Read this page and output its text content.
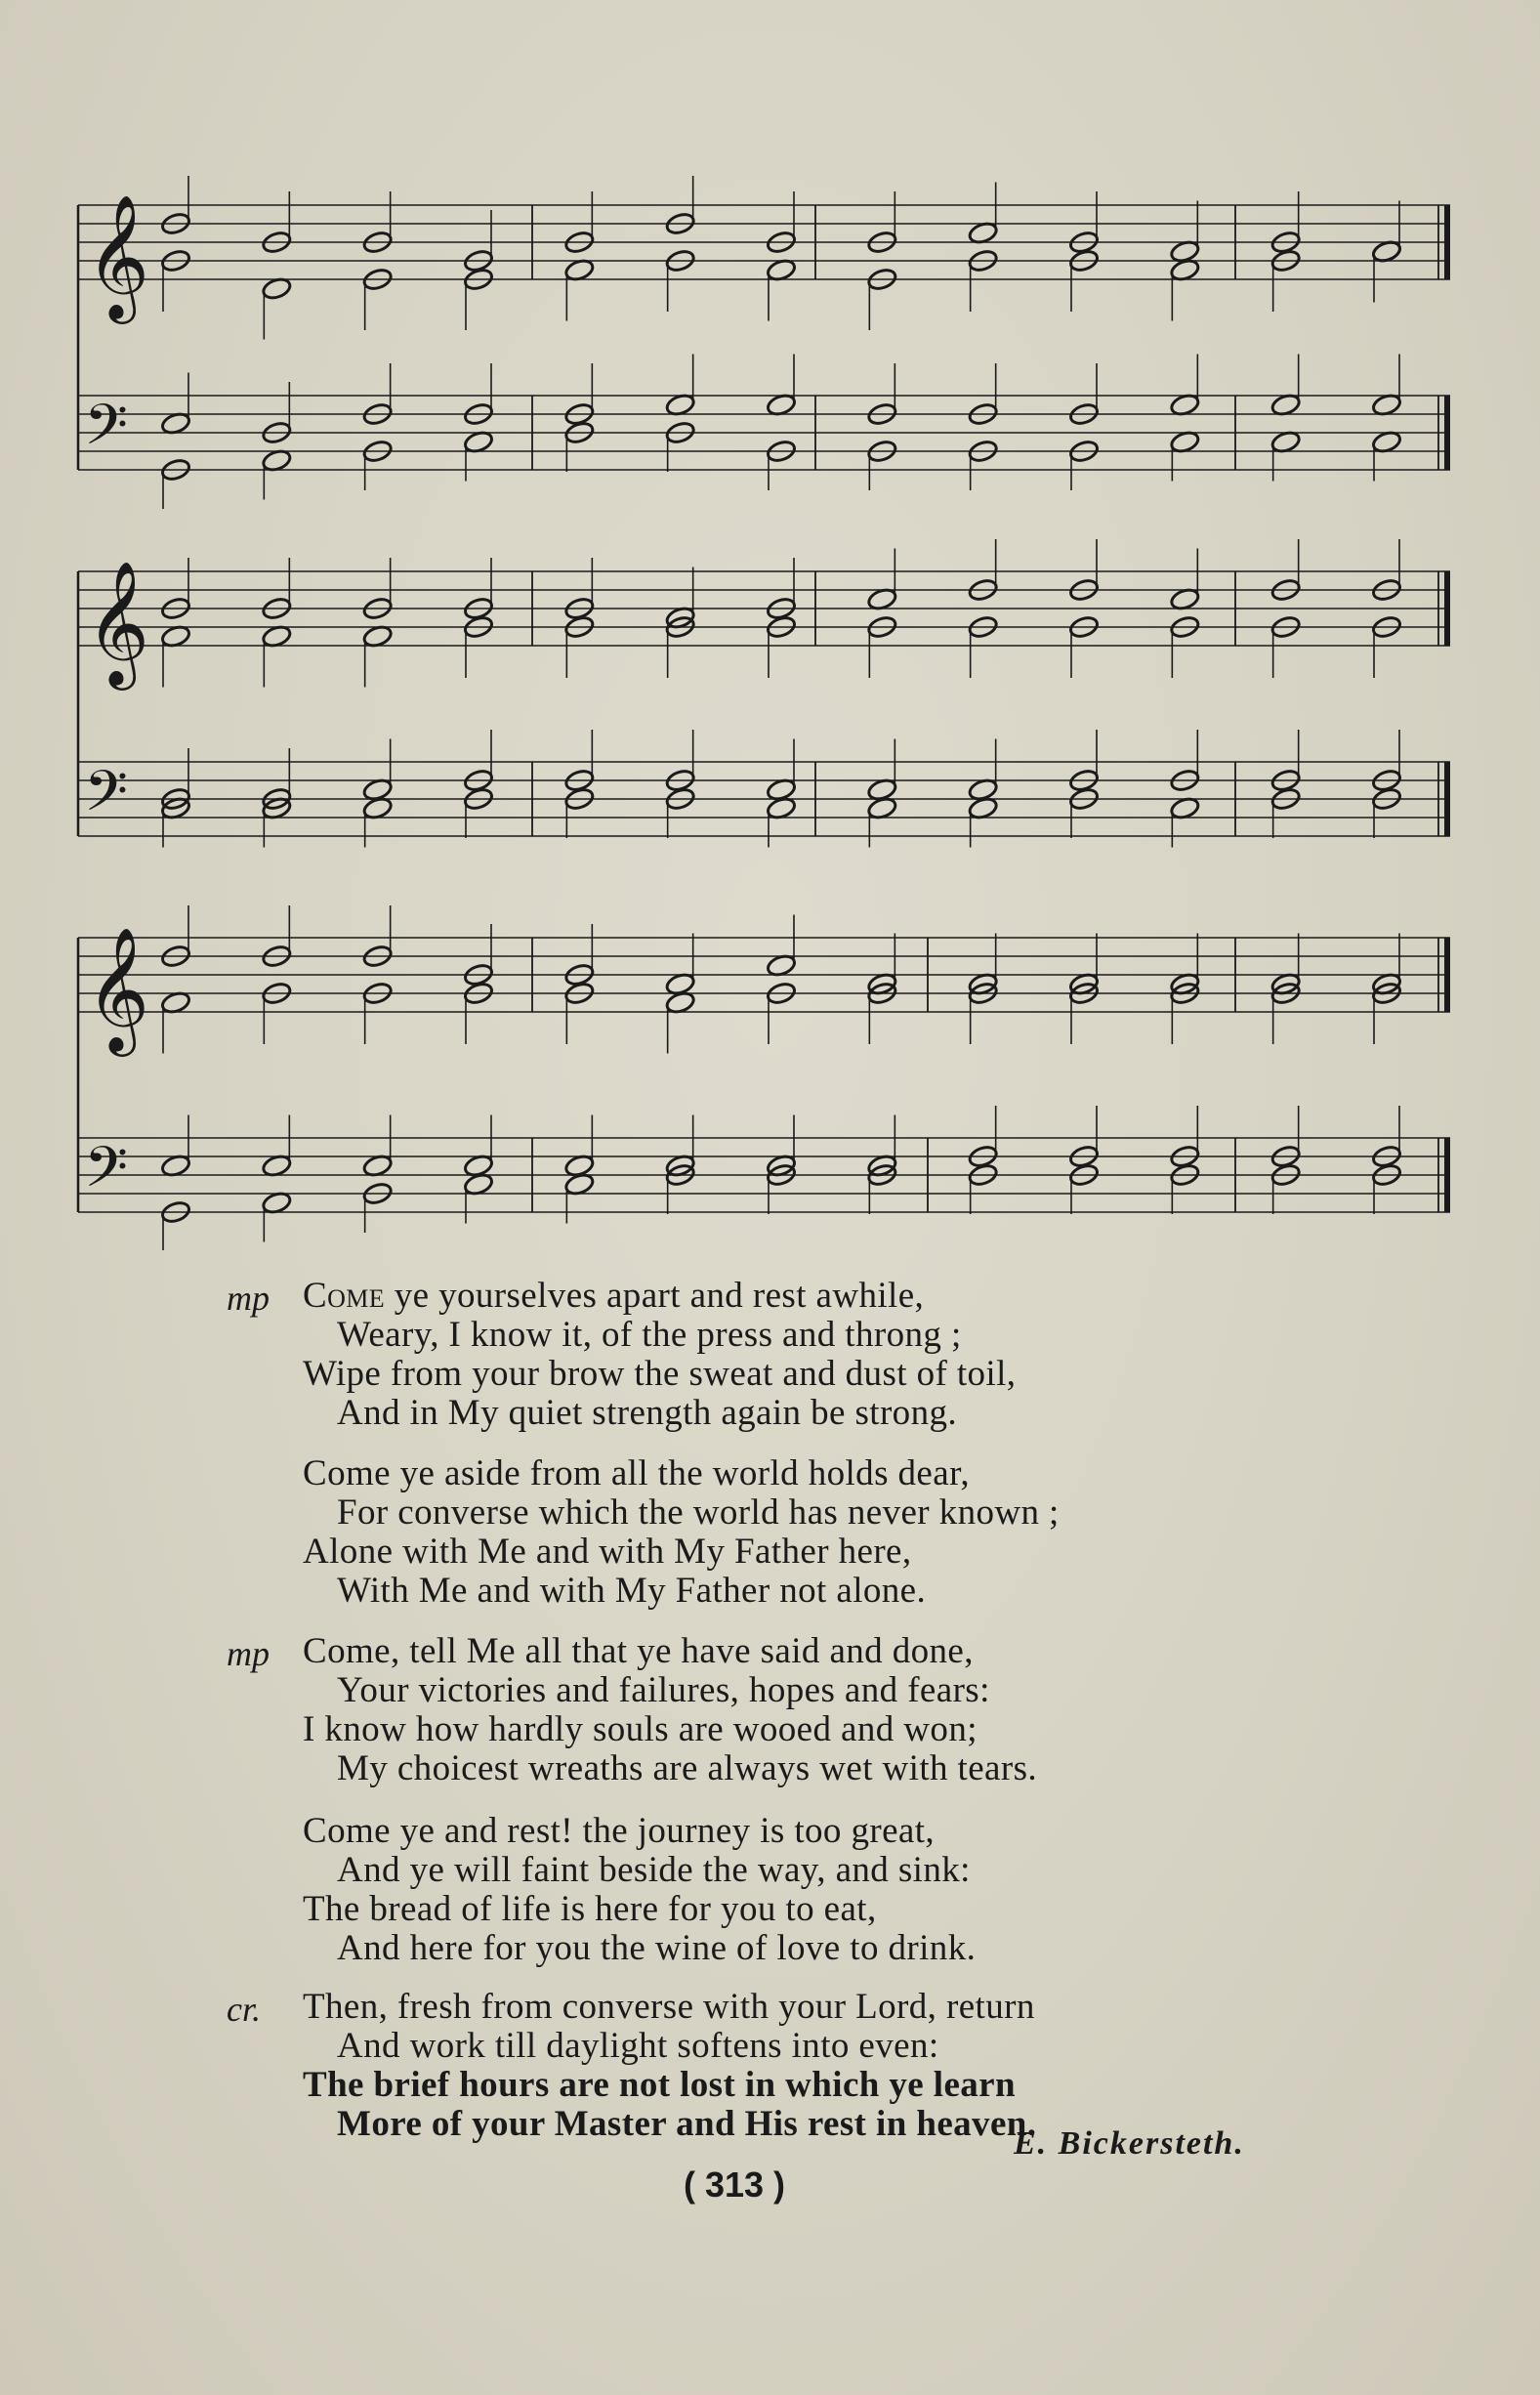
𝄞
𝄢
𝄞
𝄢
𝄞
𝄢
mp Come ye yourselves apart and rest awhile,
Weary, I know it, of the press and throng ;
Wipe from your brow the sweat and dust of toil,
And in My quiet strength again be strong.
Come ye aside from all the world holds dear,
For converse which the world has never known ;
Alone with Me and with My Father here,
With Me and with My Father not alone.
mp Come, tell Me all that ye have said and done,
Your victories and failures, hopes and fears:
I know how hardly souls are wooed and won;
My choicest wreaths are always wet with tears.
Come ye and rest! the journey is too great,
And ye will faint beside the way, and sink:
The bread of life is here for you to eat,
And here for you the wine of love to drink.
cr. Then, fresh from converse with your Lord, return
And work till daylight softens into even:
The brief hours are not lost in which ye learn
More of your Master and His rest in heaven.
E. Bickersteth.
( 313 )
